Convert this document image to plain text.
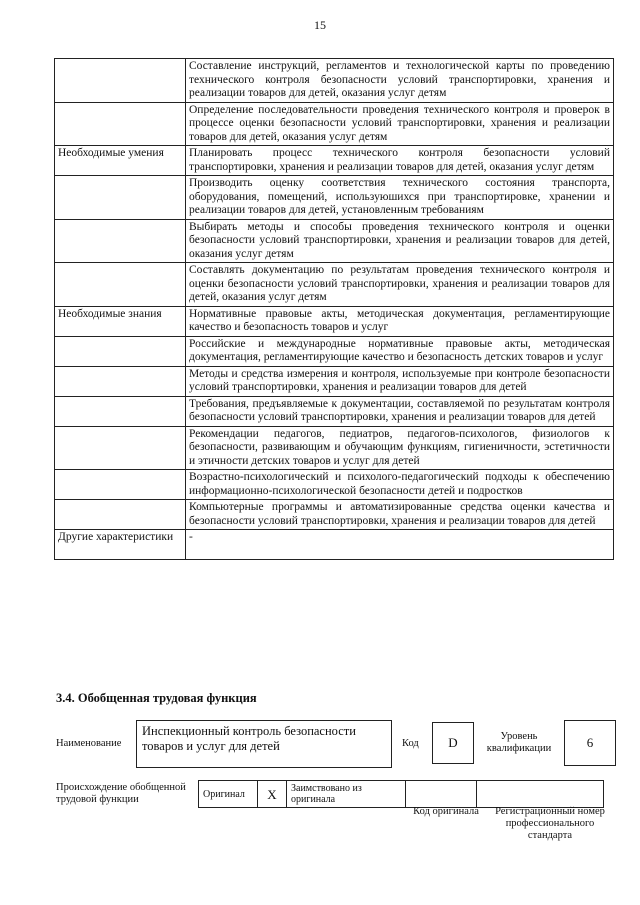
15
	Составление инструкций, регламентов и технологической карты по проведению технического контроля безопасности условий транспортировки, хранения и реализации товаров для детей, оказания услуг детям
	Определение последовательности проведения технического контроля и проверок в процессе оценки безопасности условий транспортировки, хранения и реализации товаров для детей, оказания услуг детям
Необходимые умения	Планировать процесс технического контроля безопасности условий транспортировки, хранения и реализации товаров для детей, оказания услуг детям
	Производить оценку соответствия технического состояния транспорта, оборудования, помещений, используюшихся при транспортировке, хранении и реализации товаров для детей, установленным требованиям
	Выбирать методы и способы проведения технического контроля и оценки безопасности условий транспортировки, хранения и реализации товаров для детей, оказания услуг детям
	Составлять документацию по результатам проведения технического контроля и оценки безопасности условий транспортировки, хранения и реализации товаров для детей, оказания услуг детям
Необходимые знания	Нормативные правовые акты, методическая документация, регламентирующие качество и безопасность товаров и услуг
	Российские и международные нормативные правовые акты, методическая документация, регламентирующие качество и безопасность детских товаров и услуг
	Методы и средства измерения и контроля, используемые при контроле безопасности условий транспортировки, хранения и реализации товаров для детей
	Требования, предъявляемые к документации, составляемой по результатам контроля безопасности условий транспортировки, хранения и реализации товаров для детей
	Рекомендации педагогов, педиатров, педагогов-психологов, физиологов к безопасности, развивающим и обучающим функциям, гигиеничности, эстетичности и этичности детских товаров и услуг для детей
	Возрастно-психологический и психолого-педагогический подходы к обеспечению информационно-психологической безопасности детей и подростков
	Компьютерные программы и автоматизированные средства оценки качества и безопасности условий транспортировки, хранения и реализации товаров для детей
Другие характеристики	-
3.4. Обобщенная трудовая функция
Наименование
Инспекционный контроль безопасности товаров и услуг для детей	Код	D	Уровень квалификации	6
Происхождение обобщенной трудовой функции	Оригинал	X	Заимствовано из оригинала		
Код оригинала	Регистрационный номер профессионального стандарта
